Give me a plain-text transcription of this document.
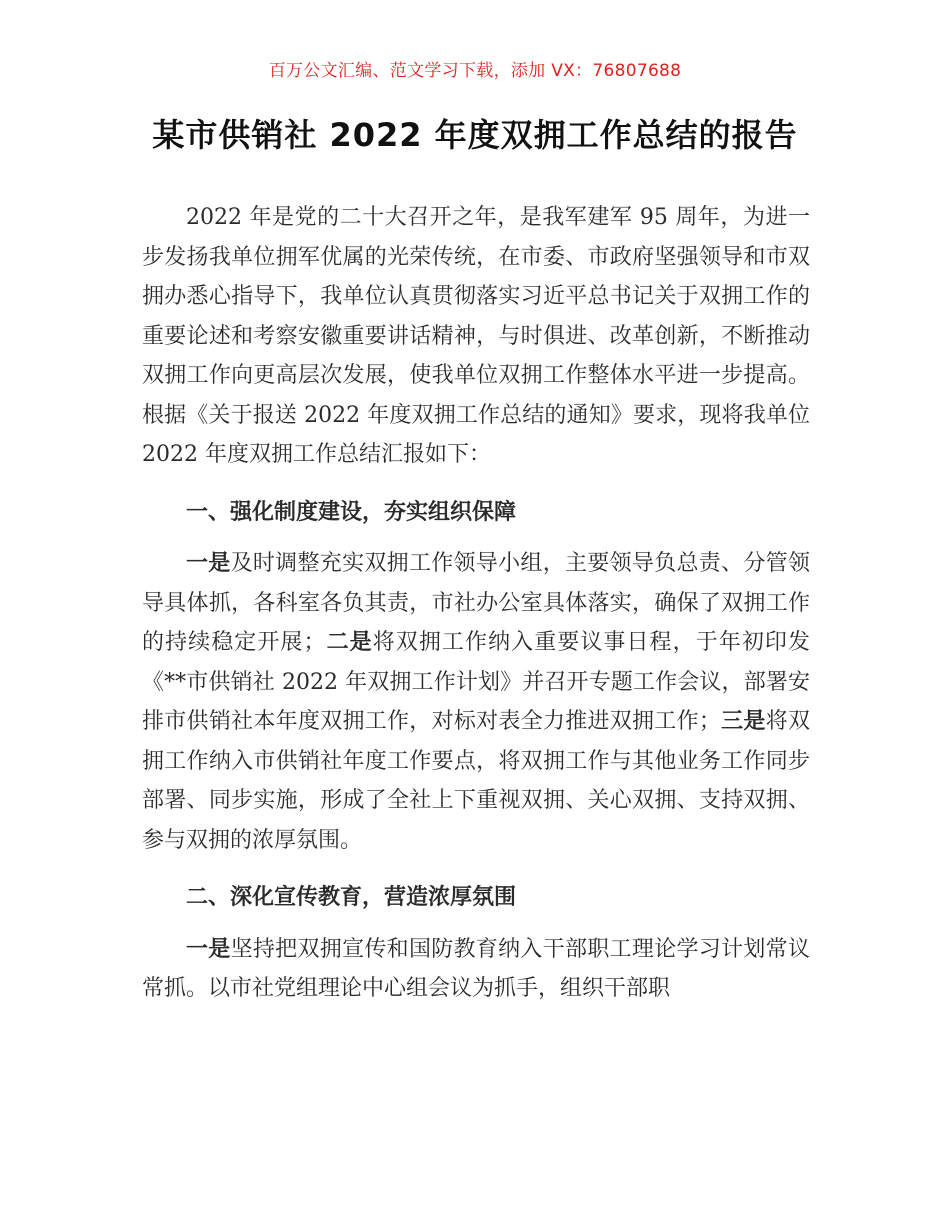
百万公文汇编、范文学习下载，添加 VX：76807688
某市供销社 2022 年度双拥工作总结的报告

2022 年是党的二十大召开之年，是我军建军 95 周年，为进一步发扬我单位拥军优属的光荣传统，在市委、市政府坚强领导和市双拥办悉心指导下，我单位认真贯彻落实习近平总书记关于双拥工作的重要论述和考察安徽重要讲话精神，与时俱进、改革创新，不断推动双拥工作向更高层次发展，使我单位双拥工作整体水平进一步提高。根据《关于报送 2022 年度双拥工作总结的通知》要求，现将我单位 2022 年度双拥工作总结汇报如下：

一、强化制度建设，夯实组织保障

一是及时调整充实双拥工作领导小组，主要领导负总责、分管领导具体抓，各科室各负其责，市社办公室具体落实，确保了双拥工作的持续稳定开展；二是将双拥工作纳入重要议事日程，于年初印发《**市供销社 2022 年双拥工作计划》并召开专题工作会议，部署安排市供销社本年度双拥工作，对标对表全力推进双拥工作；三是将双拥工作纳入市供销社年度工作要点，将双拥工作与其他业务工作同步部署、同步实施，形成了全社上下重视双拥、关心双拥、支持双拥、参与双拥的浓厚氛围。

二、深化宣传教育，营造浓厚氛围

一是坚持把双拥宣传和国防教育纳入干部职工理论学习计划常议常抓。以市社党组理论中心组会议为抓手，组织干部职
